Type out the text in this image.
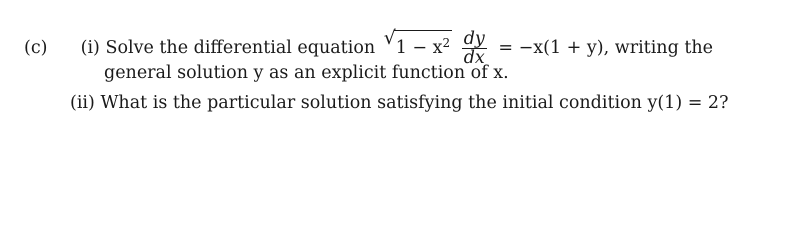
(c) (i) Solve the differential equation √ $1 - x^2 \frac{dy}{dx} = -x(1 + y)$, writing the
general solution y as an explicit function of x.
(ii) What is the particular solution satisfying the initial condition y(1) = 2?
